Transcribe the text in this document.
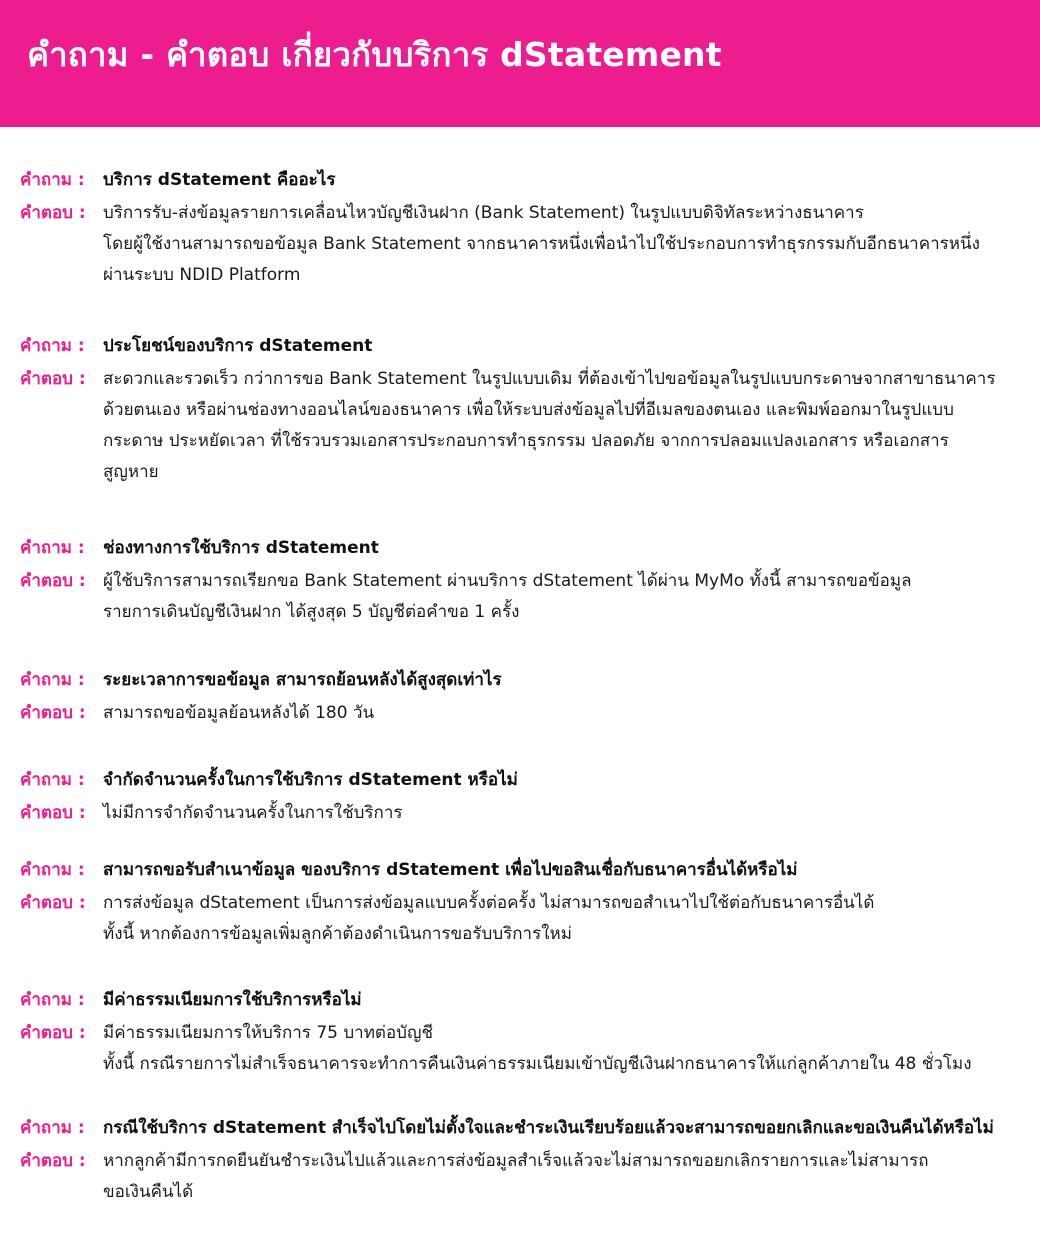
คำถาม - คำตอบ เกี่ยวกับบริการ dStatement
คำถาม :	บริการ dStatement คืออะไร
คำตอบ :	บริการรับ-ส่งข้อมูลรายการเคลื่อนไหวบัญชีเงินฝาก (Bank Statement) ในรูปแบบดิจิทัลระหว่างธนาคาร
โดยผู้ใช้งานสามารถขอข้อมูล Bank Statement จากธนาคารหนึ่งเพื่อนำไปใช้ประกอบการทำธุรกรรมกับอีกธนาคารหนึ่ง
ผ่านระบบ NDID Platform
คำถาม :	ประโยชน์ของบริการ dStatement
คำตอบ :	สะดวกและรวดเร็ว กว่าการขอ Bank Statement ในรูปแบบเดิม ที่ต้องเข้าไปขอข้อมูลในรูปแบบกระดาษจากสาขาธนาคาร
ด้วยตนเอง หรือผ่านช่องทางออนไลน์ของธนาคาร เพื่อให้ระบบส่งข้อมูลไปที่อีเมลของตนเอง และพิมพ์ออกมาในรูปแบบ
กระดาษ ประหยัดเวลา ที่ใช้รวบรวมเอกสารประกอบการทำธุรกรรม ปลอดภัย จากการปลอมแปลงเอกสาร หรือเอกสาร
สูญหาย
คำถาม :	ช่องทางการใช้บริการ dStatement
คำตอบ :	ผู้ใช้บริการสามารถเรียกขอ Bank Statement ผ่านบริการ dStatement ได้ผ่าน MyMo ทั้งนี้ สามารถขอข้อมูล
รายการเดินบัญชีเงินฝาก ได้สูงสุด 5 บัญชีต่อคำขอ 1 ครั้ง
คำถาม :	ระยะเวลาการขอข้อมูล สามารถย้อนหลังได้สูงสุดเท่าไร
คำตอบ :	สามารถขอข้อมูลย้อนหลังได้ 180 วัน
คำถาม :	จำกัดจำนวนครั้งในการใช้บริการ dStatement หรือไม่
คำตอบ :	ไม่มีการจำกัดจำนวนครั้งในการใช้บริการ
คำถาม :	สามารถขอรับสำเนาข้อมูล ของบริการ dStatement เพื่อไปขอสินเชื่อกับธนาคารอื่นได้หรือไม่
คำตอบ :	การส่งข้อมูล dStatement เป็นการส่งข้อมูลแบบครั้งต่อครั้ง ไม่สามารถขอสำเนาไปใช้ต่อกับธนาคารอื่นได้
ทั้งนี้ หากต้องการข้อมูลเพิ่มลูกค้าต้องดำเนินการขอรับบริการใหม่
คำถาม :	มีค่าธรรมเนียมการใช้บริการหรือไม่
คำตอบ :	มีค่าธรรมเนียมการให้บริการ 75 บาทต่อบัญชี
ทั้งนี้ กรณีรายการไม่สำเร็จธนาคารจะทำการคืนเงินค่าธรรมเนียมเข้าบัญชีเงินฝากธนาคารให้แก่ลูกค้าภายใน 48 ชั่วโมง
คำถาม :	กรณีใช้บริการ dStatement สำเร็จไปโดยไม่ตั้งใจและชำระเงินเรียบร้อยแล้วจะสามารถขอยกเลิกและขอเงินคืนได้หรือไม่
คำตอบ :	หากลูกค้ามีการกดยืนยันชำระเงินไปแล้วและการส่งข้อมูลสำเร็จแล้วจะไม่สามารถขอยกเลิกรายการและไม่สามารถ
ขอเงินคืนได้
